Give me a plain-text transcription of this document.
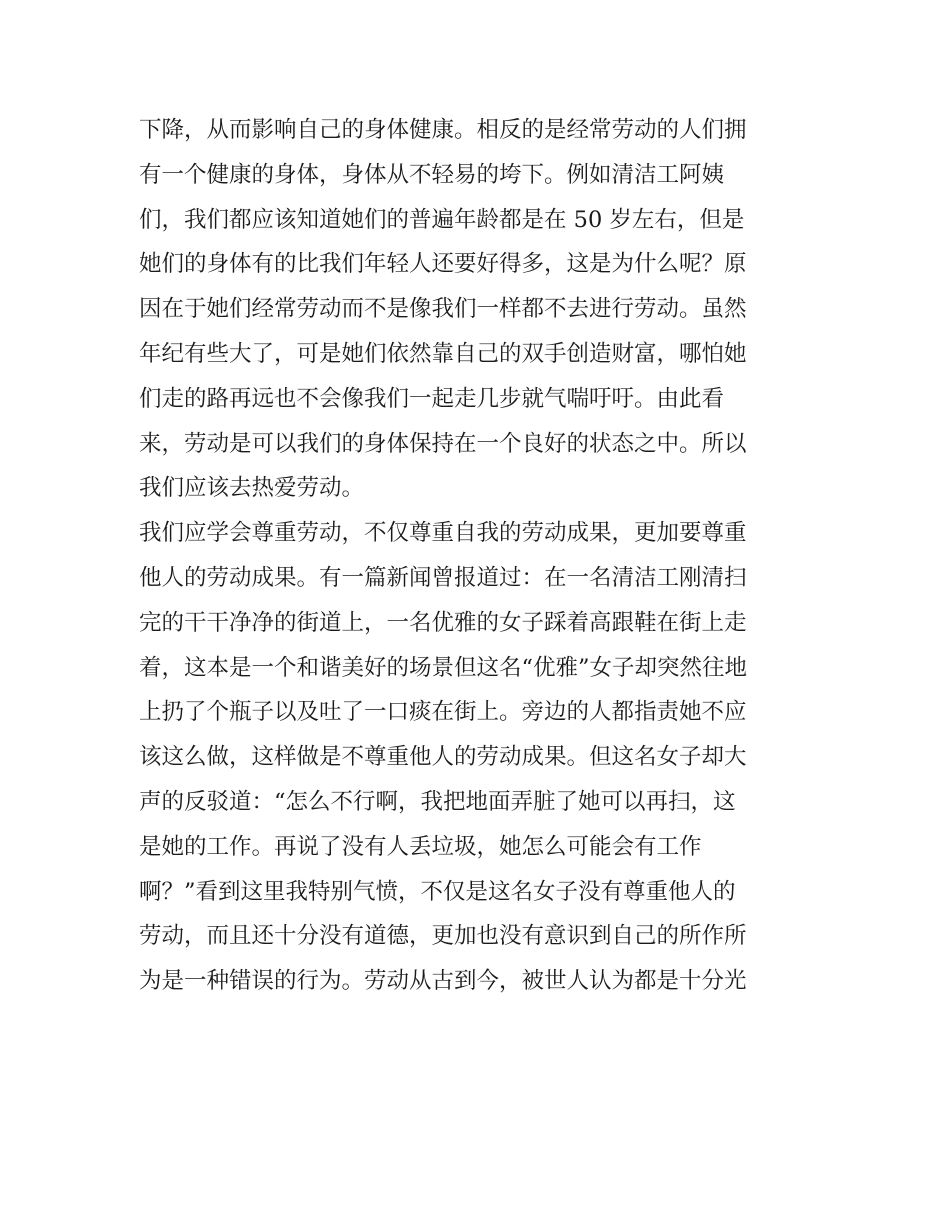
下降，从而影响自己的身体健康。相反的是经常劳动的人们拥
有一个健康的身体，身体从不轻易的垮下。例如清洁工阿姨
们，我们都应该知道她们的普遍年龄都是在 50 岁左右，但是
她们的身体有的比我们年轻人还要好得多，这是为什么呢？原
因在于她们经常劳动而不是像我们一样都不去进行劳动。虽然
年纪有些大了，可是她们依然靠自己的双手创造财富，哪怕她
们走的路再远也不会像我们一起走几步就气喘吁吁。由此看
来，劳动是可以我们的身体保持在一个良好的状态之中。所以
我们应该去热爱劳动。
我们应学会尊重劳动，不仅尊重自我的劳动成果，更加要尊重
他人的劳动成果。有一篇新闻曾报道过：在一名清洁工刚清扫
完的干干净净的街道上，一名优雅的女子踩着高跟鞋在街上走
着，这本是一个和谐美好的场景但这名“优雅”女子却突然往地
上扔了个瓶子以及吐了一口痰在街上。旁边的人都指责她不应
该这么做，这样做是不尊重他人的劳动成果。但这名女子却大
声的反驳道：“怎么不行啊，我把地面弄脏了她可以再扫，这
是她的工作。再说了没有人丢垃圾，她怎么可能会有工作
啊？”看到这里我特别气愤，不仅是这名女子没有尊重他人的
劳动，而且还十分没有道德，更加也没有意识到自己的所作所
为是一种错误的行为。劳动从古到今，被世人认为都是十分光
